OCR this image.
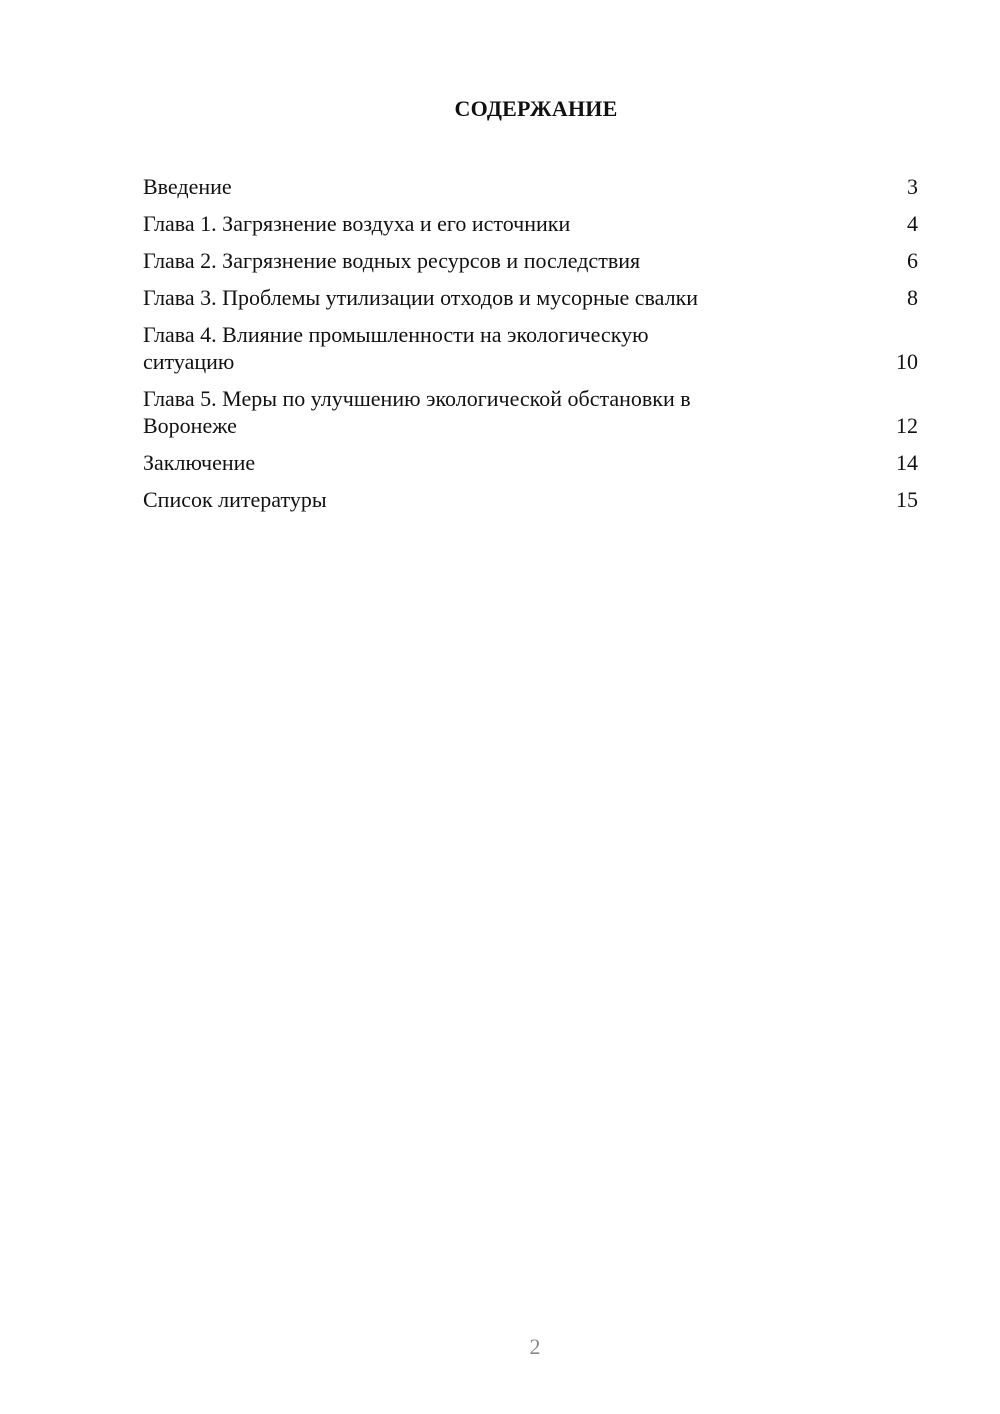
СОДЕРЖАНИЕ
Введение	3
Глава 1. Загрязнение воздуха и его источники	4
Глава 2. Загрязнение водных ресурсов и последствия	6
Глава 3. Проблемы утилизации отходов и мусорные свалки	8
Глава 4. Влияние промышленности на экологическую ситуацию	10
Глава 5. Меры по улучшению экологической обстановки в Воронеже	12
Заключение	14
Список литературы	15
2
